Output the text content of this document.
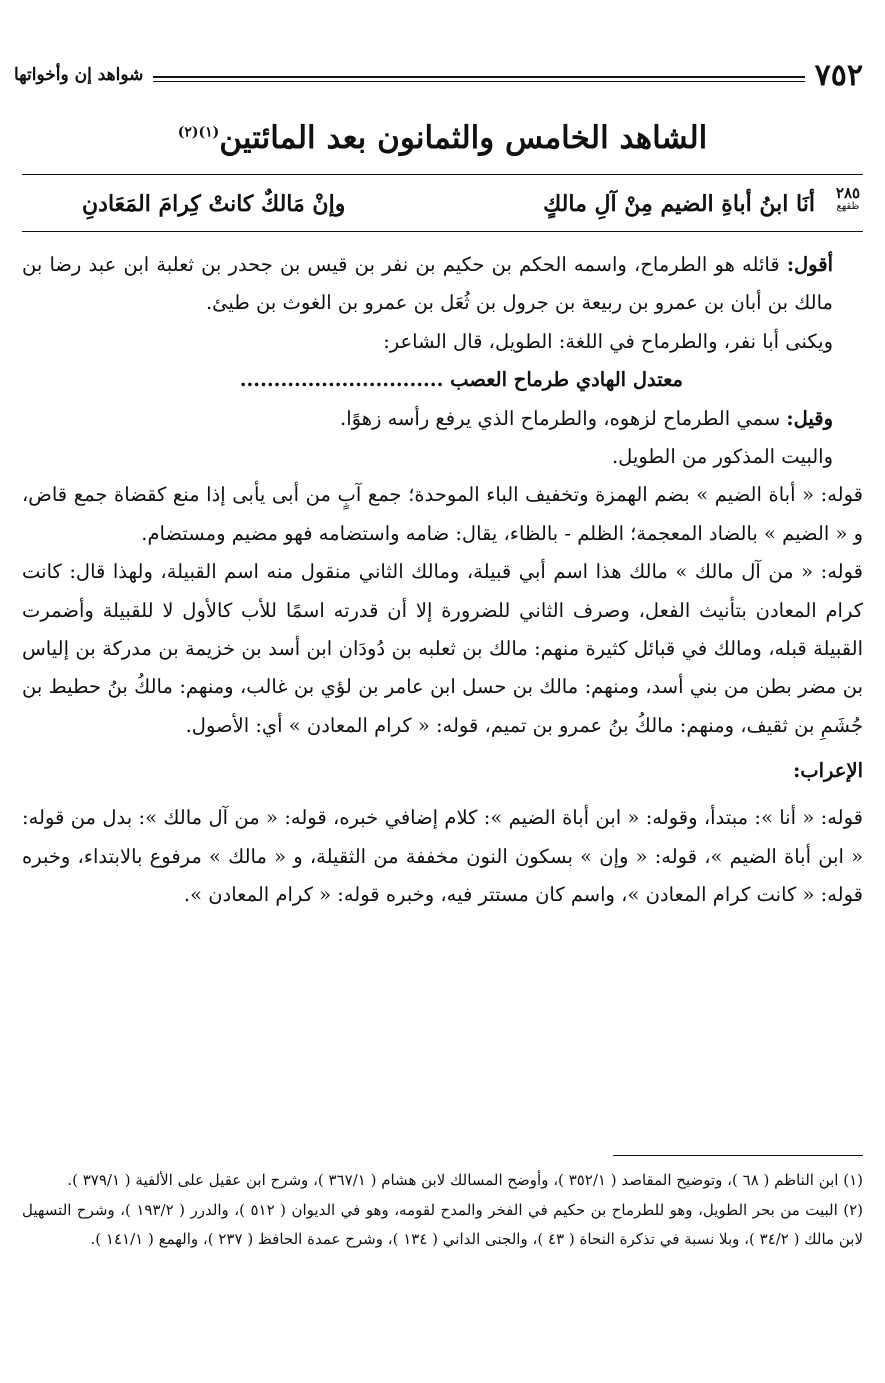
٧٥٢
شواهد إن وأخواتها
الشاهد الخامس والثمانون بعد المائتين$^{(١)(٢)}$
٢٨٥
ظقهع
أنَا ابنُ أباةِ الضيم مِنْ آلِ مالكٍ
وإنْ مَالكٌ كانتْ كِرامَ المَعَادنِ

أقول: قائله هو الطرماح، واسمه الحكم بن حكيم بن نفر بن قيس بن جحدر بن ثعلبة ابن عبد رضا بن مالك بن أبان بن عمرو بن ربيعة بن جرول بن ثُعَل بن عمرو بن الغوث بن طيئ.

ويكنى أبا نفر، والطرماح في اللغة: الطويل، قال الشاعر:

معتدل الهادي طرماح العصب ..............................

وقيل: سمي الطرماح لزهوه، والطرماح الذي يرفع رأسه زهوًا.

والبيت المذكور من الطويل.

قوله: « أباة الضيم » بضم الهمزة وتخفيف الباء الموحدة؛ جمع آبٍ من أبى يأبى إذا منع كقضاة جمع قاض، و « الضيم » بالضاد المعجمة؛ الظلم - بالظاء، يقال: ضامه واستضامه فهو مضيم ومستضام.

قوله: « من آل مالك » مالك هذا اسم أبي قبيلة، ومالك الثاني منقول منه اسم القبيلة، ولهذا قال: كانت كرام المعادن بتأنيث الفعل، وصرف الثاني للضرورة إلا أن قدرته اسمًا للأب كالأول لا للقبيلة وأضمرت القبيلة قبله، ومالك في قبائل كثيرة منهم: مالك بن ثعلبه بن دُودَان ابن أسد بن خزيمة بن مدركة بن إلياس بن مضر بطن من بني أسد، ومنهم: مالك بن حسل ابن عامر بن لؤي بن غالب، ومنهم: مالكُ بنُ حطيط بن جُشَمِ بن ثقيف، ومنهم: مالكُ بنُ عمرو بن تميم، قوله: « كرام المعادن » أي: الأصول.

الإعراب:

قوله: « أنا »: مبتدأ، وقوله: « ابن أباة الضيم »: كلام إضافي خبره، قوله: « من آل مالك »: بدل من قوله: « ابن أباة الضيم »، قوله: « وإن » بسكون النون مخففة من الثقيلة، و « مالك » مرفوع بالابتداء، وخبره قوله: « كانت كرام المعادن »، واسم كان مستتر فيه، وخبره قوله: « كرام المعادن ».

(١) ابن الناظم ( ٦٨ )، وتوضيح المقاصد ( ٣٥٢/١ )، وأوضح المسالك لابن هشام ( ٣٦٧/١ )، وشرح ابن عقيل على الألفية ( ٣٧٩/١ ).

(٢) البيت من بحر الطويل، وهو للطرماح بن حكيم في الفخر والمدح لقومه، وهو في الديوان ( ٥١٢ )، والدرر ( ١٩٣/٢ )، وشرح التسهيل لابن مالك ( ٣٤/٢ )، وبلا نسبة في تذكرة النحاة ( ٤٣ )، والجنى الداني ( ١٣٤ )، وشرح عمدة الحافظ ( ٢٣٧ )، والهمع ( ١٤١/١ ).
